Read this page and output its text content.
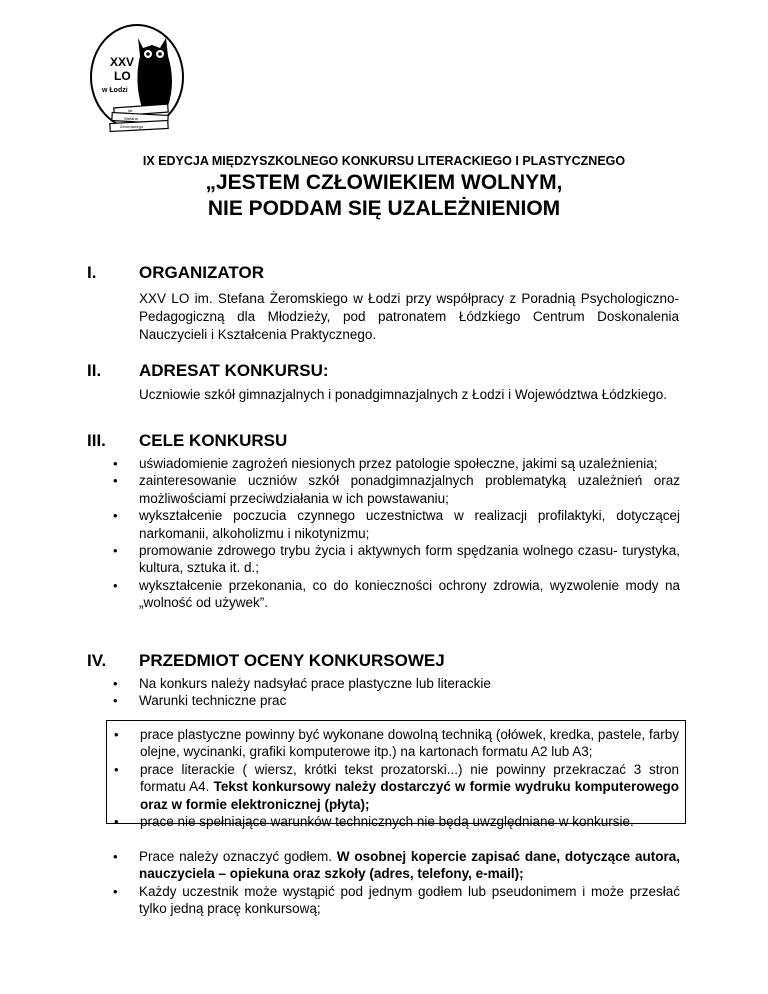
XXV
LO
w Łodzi
im.
Stefana
Żeromskiego
IX EDYCJA MIĘDZYSZKOLNEGO KONKURSU LITERACKIEGO I PLASTYCZNEGO
„JESTEM CZŁOWIEKIEM WOLNYM,
NIE PODDAM SIĘ UZALEŻNIENIOM
I.	ORGANIZATOR
XXV LO im. Stefana Żeromskiego w Łodzi przy współpracy z Poradnią Psychologiczno- Pedagogiczną dla Młodzieży, pod patronatem Łódzkiego Centrum Doskonalenia Nauczycieli i Kształcenia Praktycznego.
II. ADRESAT KONKURSU:
Uczniowie szkół gimnazjalnych i ponadgimnazjalnych z Łodzi i Województwa Łódzkiego.
III. CELE KONKURSU
• uświadomienie zagrożeń niesionych przez patologie społeczne, jakimi są uzależnienia;
• zainteresowanie uczniów szkół ponadgimnazjalnych problematyką uzależnień oraz możliwościami przeciwdziałania w ich powstawaniu;
• wykształcenie poczucia czynnego uczestnictwa w realizacji profilaktyki, dotyczącej narkomanii, alkoholizmu i nikotynizmu;
• promowanie zdrowego trybu życia i aktywnych form spędzania wolnego czasu- turystyka, kultura, sztuka it. d.;
• wykształcenie przekonania, co do konieczności ochrony zdrowia, wyzwolenie mody na „wolność od używek”.
IV. PRZEDMIOT OCENY KONKURSOWEJ
• Na konkurs należy nadsyłać prace plastyczne lub literackie
• Warunki techniczne prac
• prace plastyczne powinny być wykonane dowolną techniką (ołówek, kredka, pastele, farby olejne, wycinanki, grafiki komputerowe itp.) na kartonach formatu A2 lub A3;
• prace literackie ( wiersz, krótki tekst prozatorski...) nie powinny przekraczać 3 stron formatu A4. Tekst konkursowy należy dostarczyć w formie wydruku komputerowego oraz w formie elektronicznej (płyta);
• prace nie spełniające warunków technicznych nie będą uwzględniane w konkursie.
• Prace należy oznaczyć godłem. W osobnej kopercie zapisać dane, dotyczące autora, nauczyciela – opiekuna oraz szkoły (adres, telefony, e-mail);
• Każdy uczestnik może wystąpić pod jednym godłem lub pseudonimem i może przesłać tylko jedną pracę konkursową;
